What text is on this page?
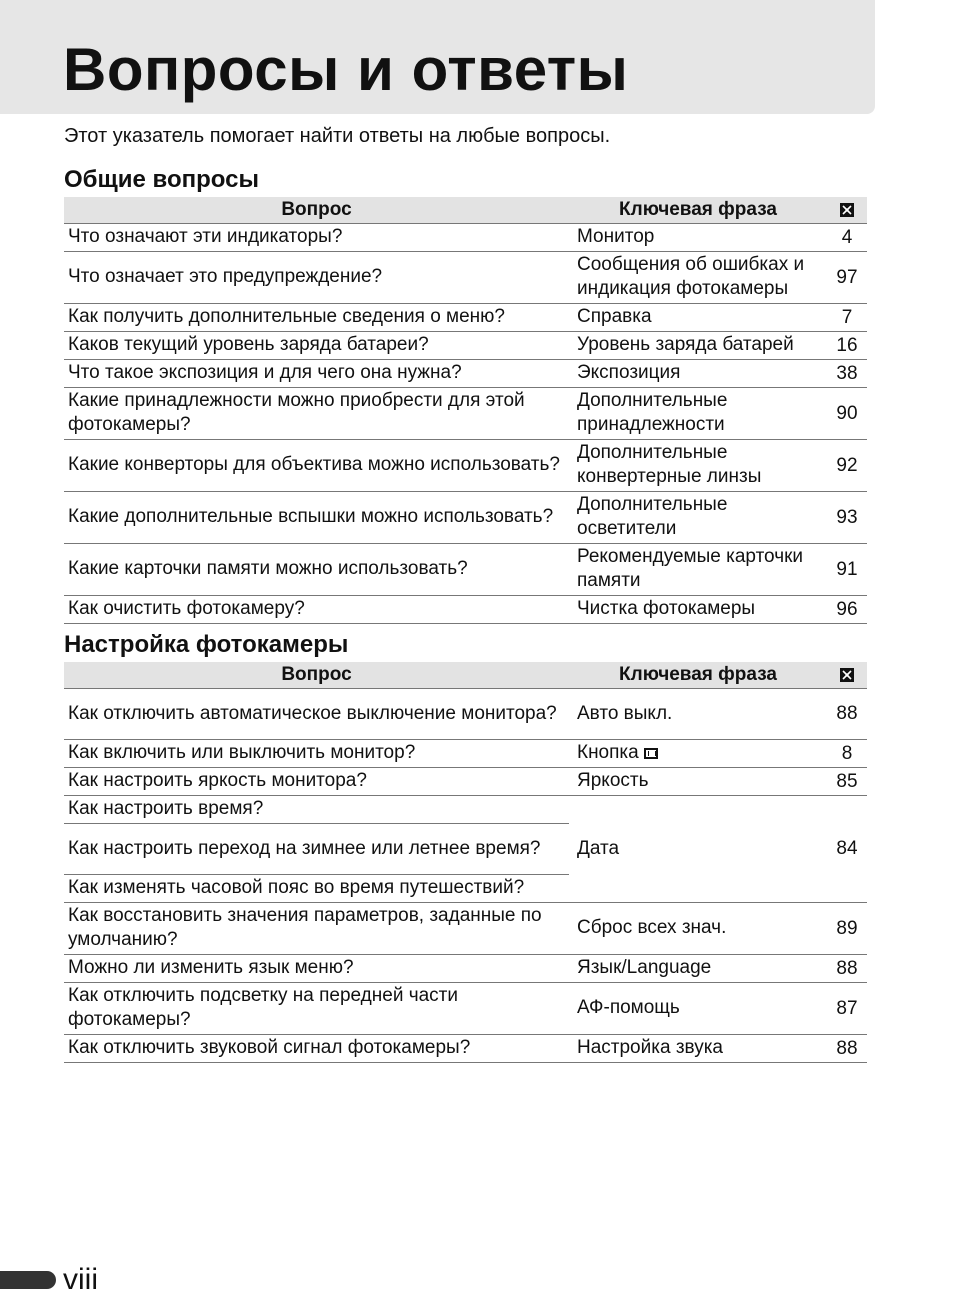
Вопросы и ответы

Этот указатель помогает найти ответы на любые вопросы.

Общие вопросы
Вопрос	Ключевая фраза	
Что означают эти индикаторы?	Монитор	4
Что означает это предупреждение?	Сообщения об ошибках и индикация фотокамеры	97
Как получить дополнительные сведения о меню?	Справка	7
Каков текущий уровень заряда батареи?	Уровень заряда батарей	16
Что такое экспозиция и для чего она нужна?	Экспозиция	38
Какие принадлежности можно приобрести для этой фотокамеры?	Дополнительные принадлежности	90
Какие конверторы для объектива можно использовать?	Дополнительные конвертерные линзы	92
Какие дополнительные вспышки можно использовать?	Дополнительные осветители	93
Какие карточки памяти можно использовать?	Рекомендуемые карточки памяти	91
Как очистить фотокамеру?	Чистка фотокамеры	96
Настройка фотокамеры
Вопрос	Ключевая фраза	
Как отключить автоматическое выключение монитора?	Авто выкл.	88
Как включить или выключить монитор?	Кнопка	8
Как настроить яркость монитора?	Яркость	85
Как настроить время?	Дата	84
Как настроить переход на зимнее или летнее время?		
Как изменять часовой пояс во время путешествий?		
Как восстановить значения параметров, заданные по умолчанию?	Сброс всех знач.	89
Можно ли изменить язык меню?	Язык/Language	88
Как отключить подсветку на передней части фотокамеры?	АФ-помощь	87
Как отключить звуковой сигнал фотокамеры?	Настройка звука	88
viii
